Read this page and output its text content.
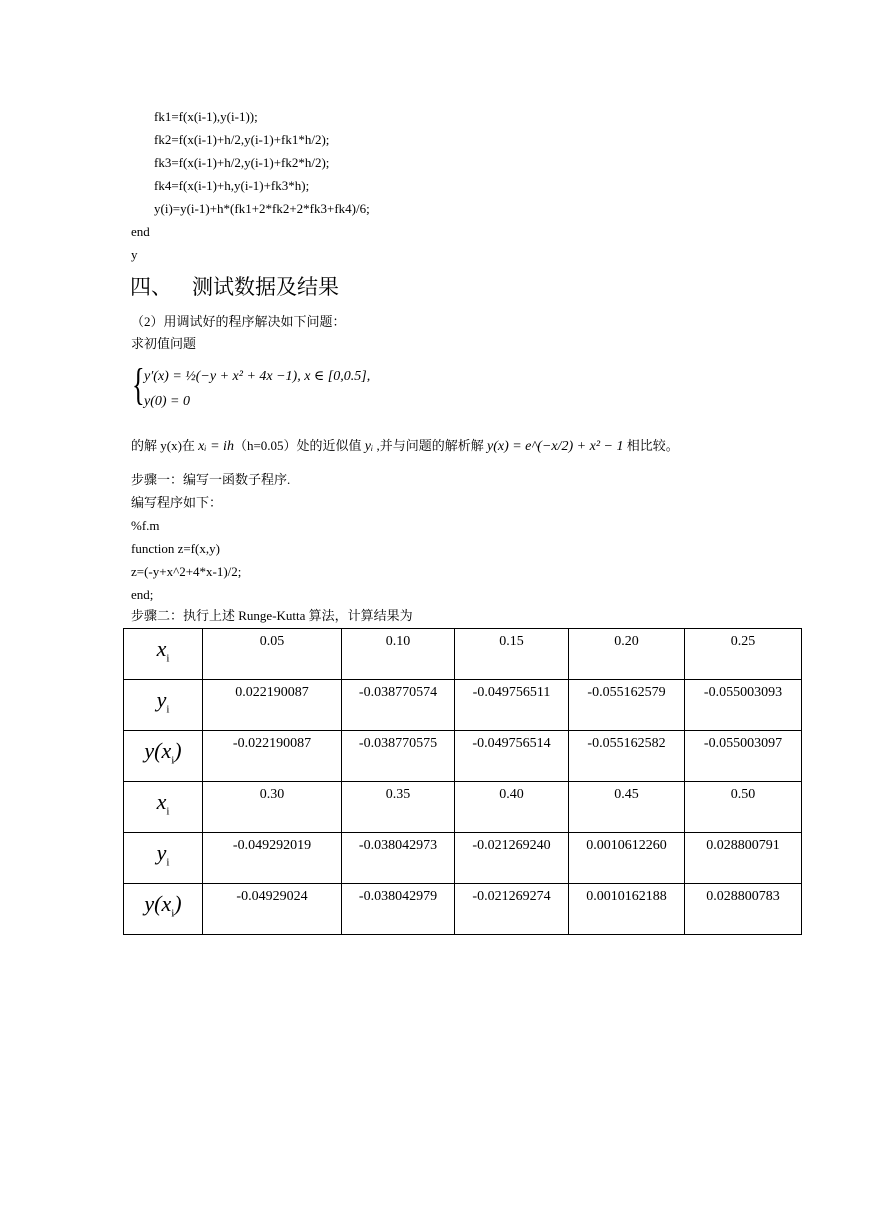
fk1=f(x(i-1),y(i-1));
fk2=f(x(i-1)+h/2,y(i-1)+fk1*h/2);
fk3=f(x(i-1)+h/2,y(i-1)+fk2*h/2);
fk4=f(x(i-1)+h,y(i-1)+fk3*h);
y(i)=y(i-1)+h*(fk1+2*fk2+2*fk3+fk4)/6;
end
y
四、 测试数据及结果
（2）用调试好的程序解决如下问题：
求初值问题
{ y′(x) = ½(−y + x² + 4x −1), x ∈ [0,0.5],
y(0) = 0
的解 y(x)在 xᵢ = ih（h=0.05）处的近似值 yᵢ ,并与问题的解析解 y(x) = e^(−x/2) + x² − 1 相比较。
步骤一：编写一函数子程序.
编写程序如下：
%f.m
function z=f(x,y)
z=(-y+x^2+4*x-1)/2;
end;
步骤二：执行上述 Runge-Kutta 算法，计算结果为
$x_i$	0.05	0.10	0.15	0.20	0.25
$y_i$	0.022190087	-0.038770574	-0.049756511	-0.055162579	-0.055003093
$y(x_i)$	-0.022190087	-0.038770575	-0.049756514	-0.055162582	-0.055003097
$x_i$	0.30	0.35	0.40	0.45	0.50
$y_i$	-0.049292019	-0.038042973	-0.021269240	0.0010612260	0.028800791
$y(x_i)$	-0.04929024	-0.038042979	-0.021269274	0.0010162188	0.028800783
